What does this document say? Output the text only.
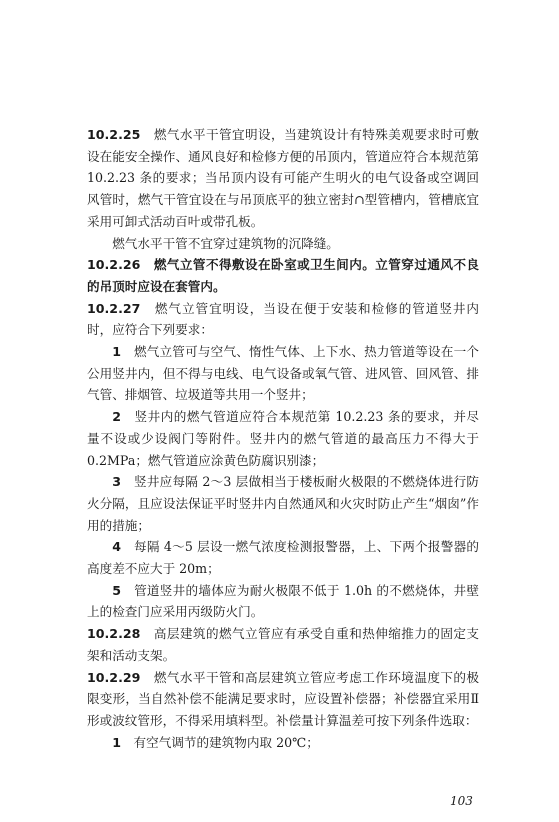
10.2.25　 燃气水平干管宜明设，当建筑设计有特殊美观要求时可敷设在能安全操作、通风良好和检修方便的吊顶内，管道应符合本规范第 10.2.23 条的要求；当吊顶内设有可能产生明火的电气设备或空调回风管时，燃气干管宜设在与吊顶底平的独立密封∩型管槽内，管槽底宜采用可卸式活动百叶或带孔板。

燃气水平干管不宜穿过建筑物的沉降缝。

10.2.26　 燃气立管不得敷设在卧室或卫生间内。立管穿过通风不良的吊顶时应设在套管内。

10.2.27　 燃气立管宜明设，当设在便于安装和检修的管道竖井内时，应符合下列要求：

1　 燃气立管可与空气、惰性气体、上下水、热力管道等设在一个公用竖井内，但不得与电线、电气设备或氧气管、进风管、回风管、排气管、排烟管、垃圾道等共用一个竖井；

2　 竖井内的燃气管道应符合本规范第 10.2.23 条的要求，并尽量不设或少设阀门等附件。竖井内的燃气管道的最高压力不得大于 0.2MPa；燃气管道应涂黄色防腐识别漆；

3　 竖井应每隔 2～3 层做相当于楼板耐火极限的不燃烧体进行防火分隔，且应设法保证平时竖井内自然通风和火灾时防止产生“烟囱”作用的措施；

4　 每隔 4～5 层设一燃气浓度检测报警器，上、下两个报警器的高度差不应大于 20m；

5　 管道竖井的墙体应为耐火极限不低于 1.0h 的不燃烧体，井壁上的检查门应采用丙级防火门。

10.2.28　 高层建筑的燃气立管应有承受自重和热伸缩推力的固定支架和活动支架。

10.2.29　 燃气水平干管和高层建筑立管应考虑工作环境温度下的极限变形，当自然补偿不能满足要求时，应设置补偿器；补偿器宜采用Ⅱ形或波纹管形，不得采用填料型。补偿量计算温差可按下列条件选取：

1　 有空气调节的建筑物内取 20℃；

103
